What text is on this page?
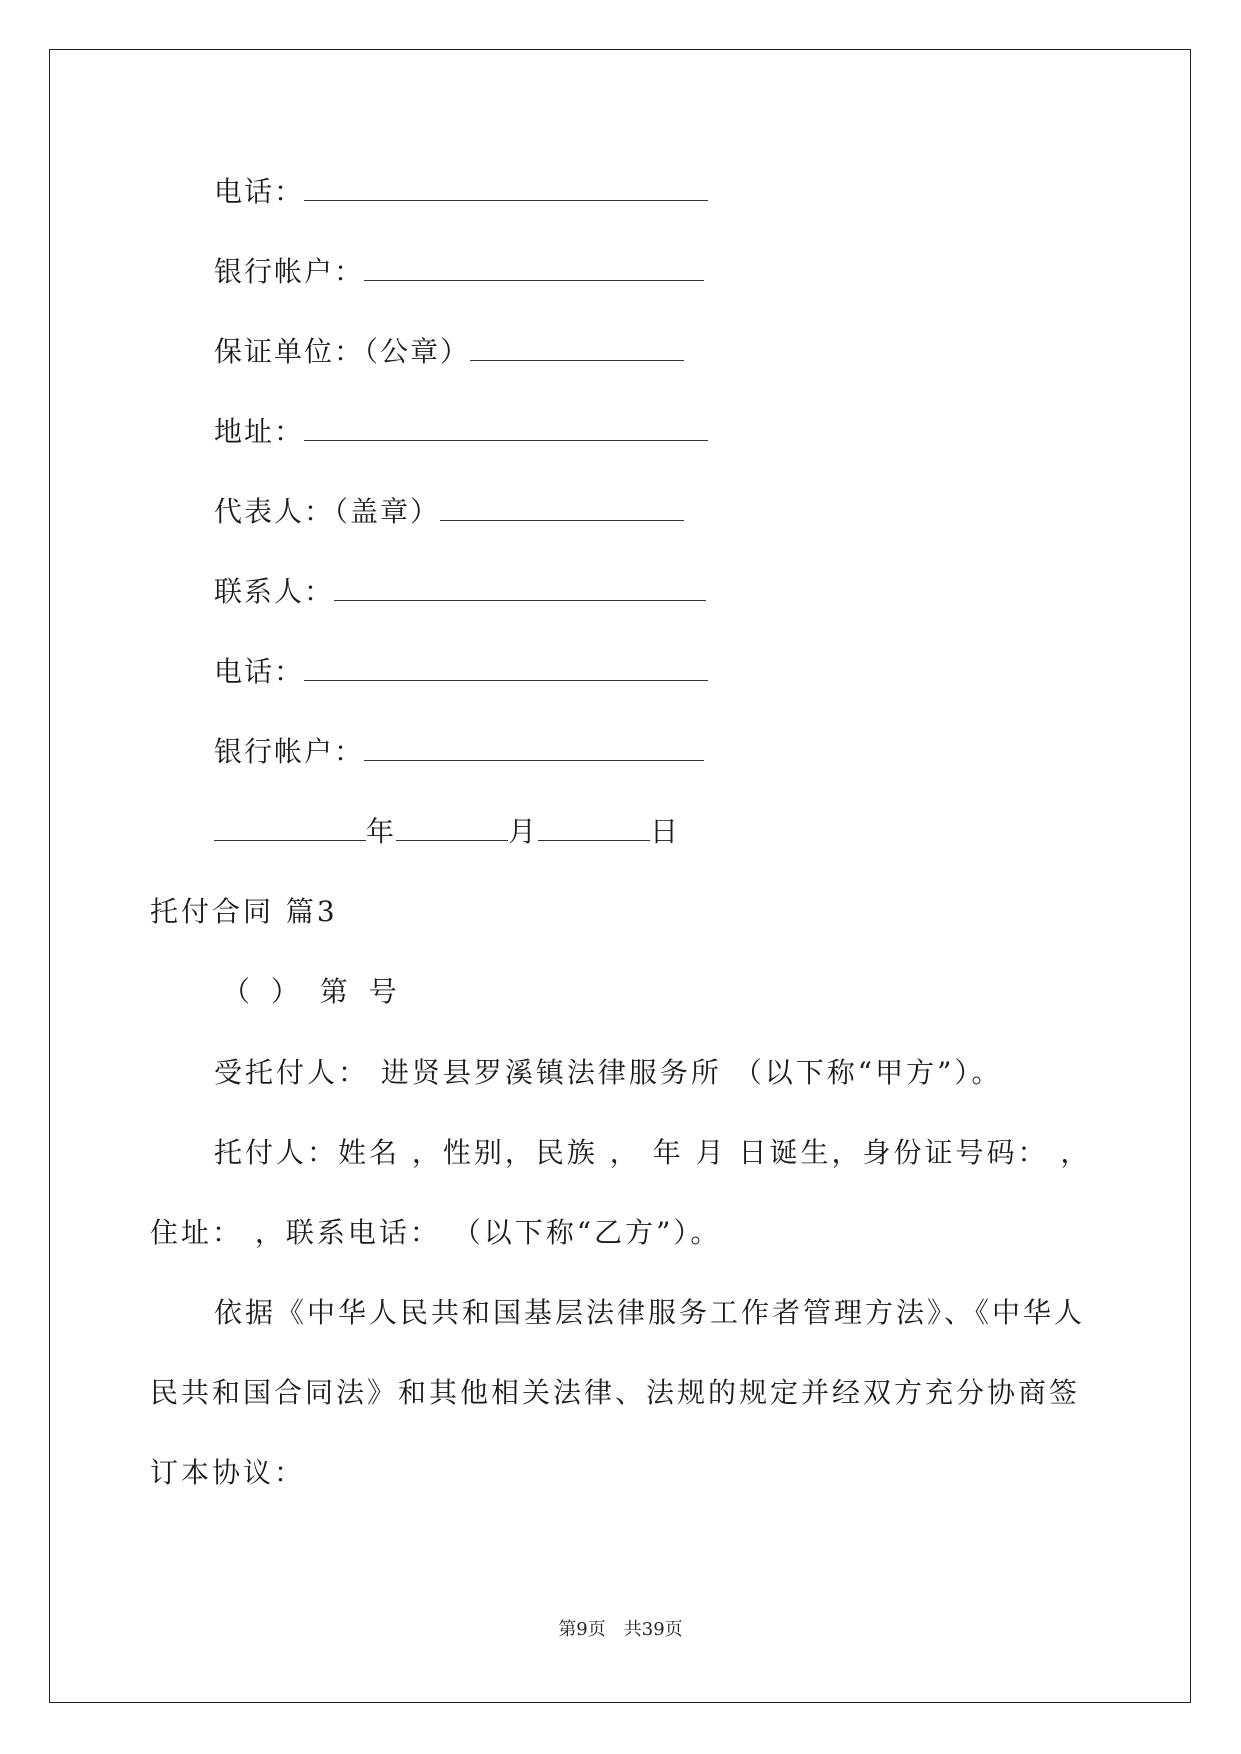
电话：
银行帐户：
保证单位：（公章）
地址：
代表人：（盖章）
联系人：
电话：
银行帐户：
年	月	日
托付合同 篇3
（ ） 第 号
受托付人： 进贤县罗溪镇法律服务所 （以下称“甲方”）。
托付人：姓名 ，性别，民族 ， 年 月 日诞生，身份证号码： ，
住址： ，联系电话： （以下称“乙方”）。
依据《中华人民共和国基层法律服务工作者管理方法》、《中华人
民共和国合同法》和其他相关法律、法规的规定并经双方充分协商签
订本协议：
第9页　共39页
